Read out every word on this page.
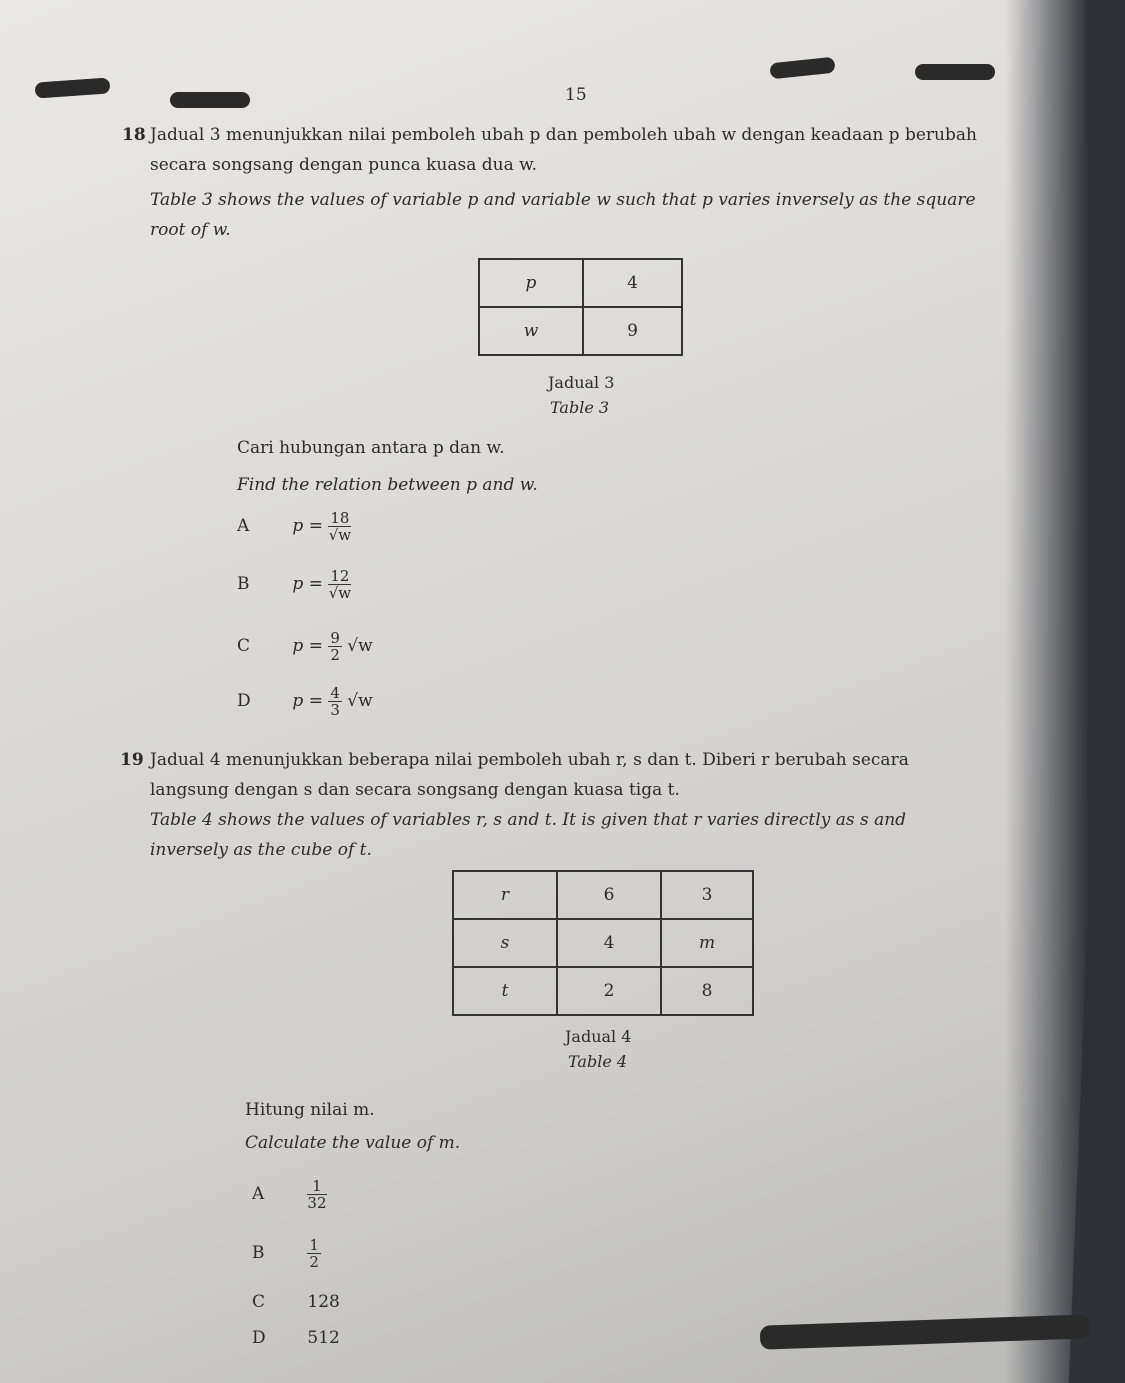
15
18 Jadual 3 menunjukkan nilai pemboleh ubah p dan pemboleh ubah w dengan keadaan p berubah secara songsang dengan punca kuasa dua w.
Table 3 shows the values of variable p and variable w such that p varies inversely as the square root of w.
p	4
w	9
Jadual 3
Table 3
Cari hubungan antara p dan w.
Find the relation between p and w.
A	$p = \frac{18}{√w}$
B	$p = \frac{12}{√w}$
C $p = \frac{9}{2} √w$
D $p = \frac{4}{3} √w$
19 Jadual 4 menunjukkan beberapa nilai pemboleh ubah r, s dan t. Diberi r berubah secara langsung dengan s dan secara songsang dengan kuasa tiga t.
Table 4 shows the values of variables r, s and t. It is given that r varies directly as s and inversely as the cube of t.
r	6	3
s	4	m
t	2	8
Jadual 4
Table 4
Hitung nilai m.
Calculate the value of m.
A	$\frac{1}{32}$
B	$\frac{1}{2}$
C 128
D 512
